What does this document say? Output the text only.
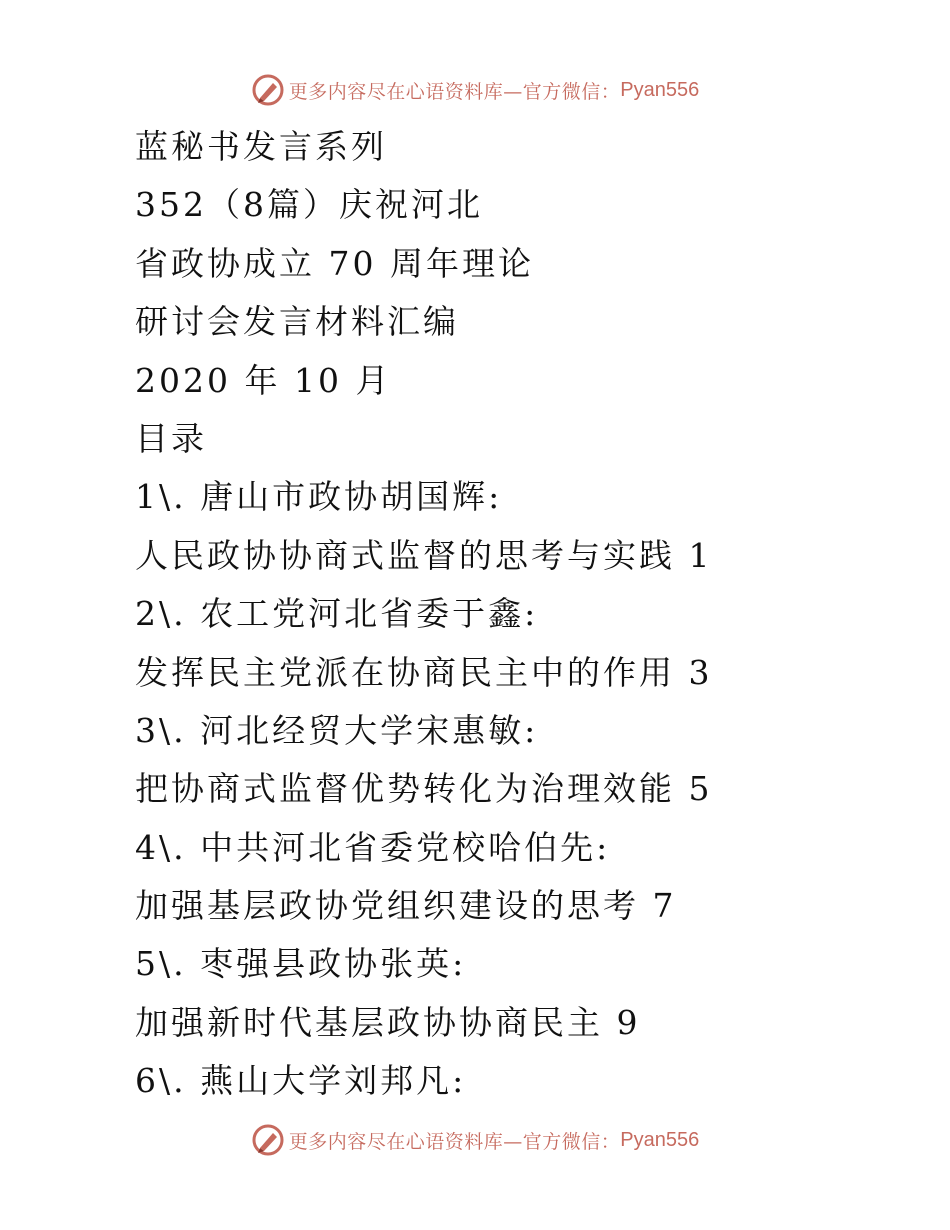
更多内容尽在心语资料库—官方微信： Pyan556
蓝秘书发言系列
352（8篇）庆祝河北
省政协成立 70 周年理论
研讨会发言材料汇编
2020 年 10 月
目录
1\. 唐山市政协胡国辉:
人民政协协商式监督的思考与实践 1
2\. 农工党河北省委于鑫:
发挥民主党派在协商民主中的作用 3
3\. 河北经贸大学宋惠敏:
把协商式监督优势转化为治理效能 5
4\. 中共河北省委党校哈伯先:
加强基层政协党组织建设的思考 7
5\. 枣强县政协张英:
加强新时代基层政协协商民主 9
6\. 燕山大学刘邦凡:
更多内容尽在心语资料库—官方微信： Pyan556
